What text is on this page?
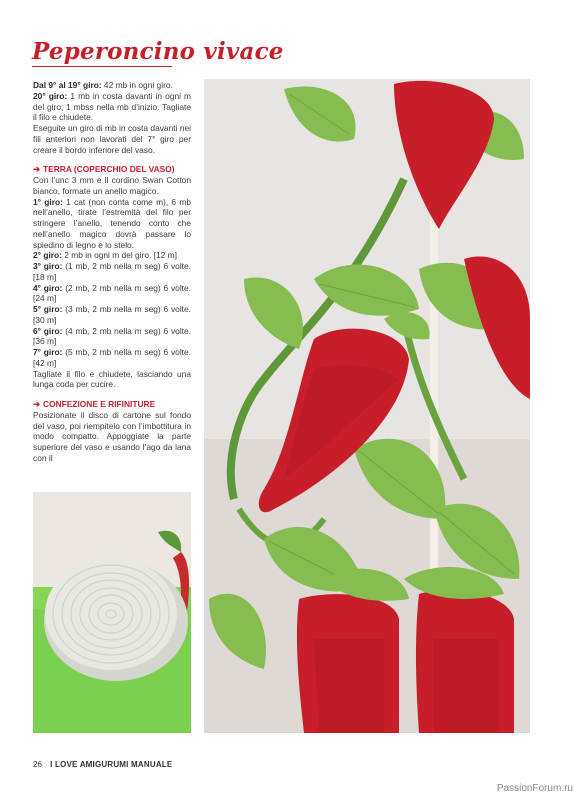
Peperoncino vivace

Dal 9° al 19° giro: 42 mb in ogni giro.

20° giro: 1 mb in costa davanti in ogni m del giro; 1 mbss nella mb d’inizio. Tagliate il filo e chiudete.

Eseguite un giro di mb in costa davanti nei fili anteriori non lavorati del 7° giro per creare il bordo inferiore del vaso.

➔ TERRA (COPERCHIO DEL VASO)

Con l’unc 3 mm e il cordino Swan Cotton bianco, formate un anello magico.

1° giro: 1 cat (non conta come m), 6 mb nell’anello, tirate l’estremità del filo per stringere l’anello, tenendo conto che nell’anello magico dovrà passare lo spiedino di legno e lo stelo.

2° giro: 2 mb in ogni m del giro. [12 m]

3° giro: (1 mb, 2 mb nella m seg) 6 volte. [18 m]

4° giro: (2 mb, 2 mb nella m seg) 6 volte. [24 m]

5° giro: (3 mb, 2 mb nella m seg) 6 volte. [30 m]

6° giro: (4 mb, 2 mb nella m seg) 6 volte. [36 m]

7° giro: (5 mb, 2 mb nella m seg) 6 volte. [42 m]

Tagliate il filo e chiudete, lasciando una lunga coda per cucire.

➔ CONFEZIONE E RIFINITURE

Posizionate il disco di cartone sul fondo del vaso, poi riempitelo con l’imbottitura in modo compatto. Appoggiate la parte superiore del vaso e usando l’ago da lana con il

26 I LOVE AMIGURUMI MANUALE
PassionForum.ru
